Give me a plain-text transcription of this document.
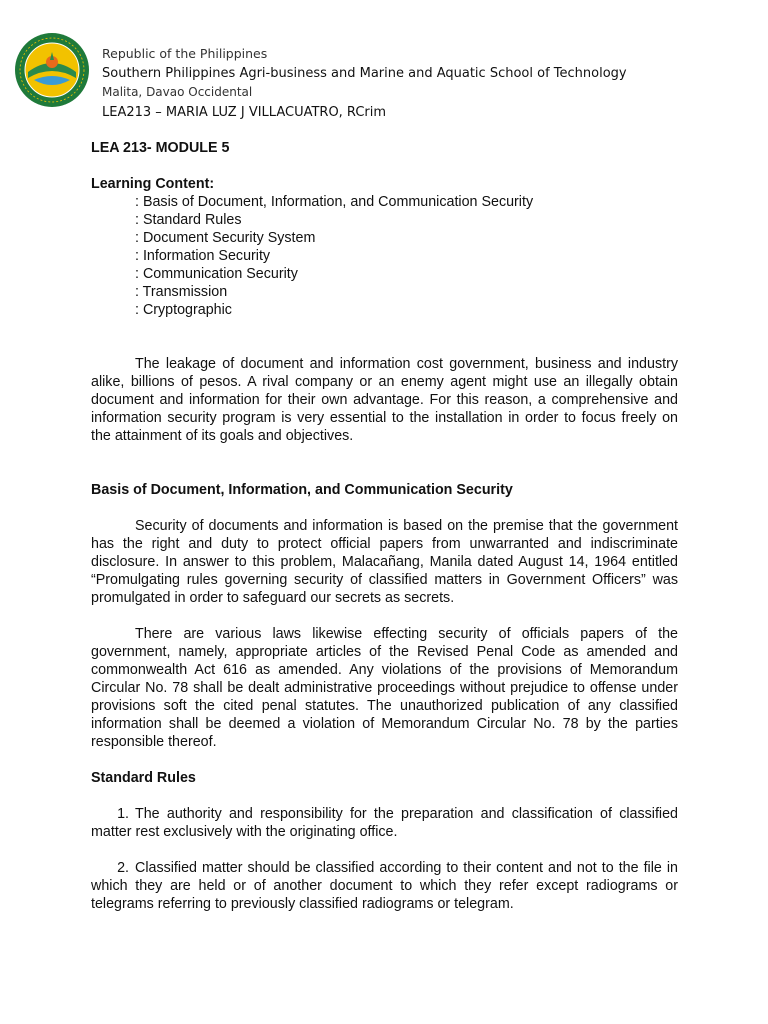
Republic of the Philippines
Southern Philippines Agri-business and Marine and Aquatic School of Technology
Malita, Davao Occidental
LEA213 – MARIA LUZ J VILLACUATRO, RCrim

LEA 213- MODULE 5

Learning Content:

: Basis of Document, Information, and Communication Security
: Standard Rules
: Document Security System
: Information Security
: Communication Security
: Transmission
: Cryptographic

The leakage of document and information cost government, business and industry alike, billions of pesos. A rival company or an enemy agent might use an illegally obtain document and information for their own advantage. For this reason, a comprehensive and information security program is very essential to the installation in order to focus freely on the attainment of its goals and objectives.

Basis of Document, Information, and Communication Security

Security of documents and information is based on the premise that the government has the right and duty to protect official papers from unwarranted and indiscriminate disclosure. In answer to this problem, Malacañang, Manila dated August 14, 1964 entitled “Promulgating rules governing security of classified matters in Government Officers” was promulgated in order to safeguard our secrets as secrets.

There are various laws likewise effecting security of officials papers of the government, namely, appropriate articles of the Revised Penal Code as amended and commonwealth Act 616 as amended. Any violations of the provisions of Memorandum Circular No. 78 shall be dealt administrative proceedings without prejudice to offense under provisions soft the cited penal statutes. The unauthorized publication of any classified information shall be deemed a violation of Memorandum Circular No. 78 by the parties responsible thereof.

Standard Rules

1. The authority and responsibility for the preparation and classification of classified matter rest exclusively with the originating office.
2. Classified matter should be classified according to their content and not to the file in which they are held or of another document to which they refer except radiograms or telegrams referring to previously classified radiograms or telegram.
